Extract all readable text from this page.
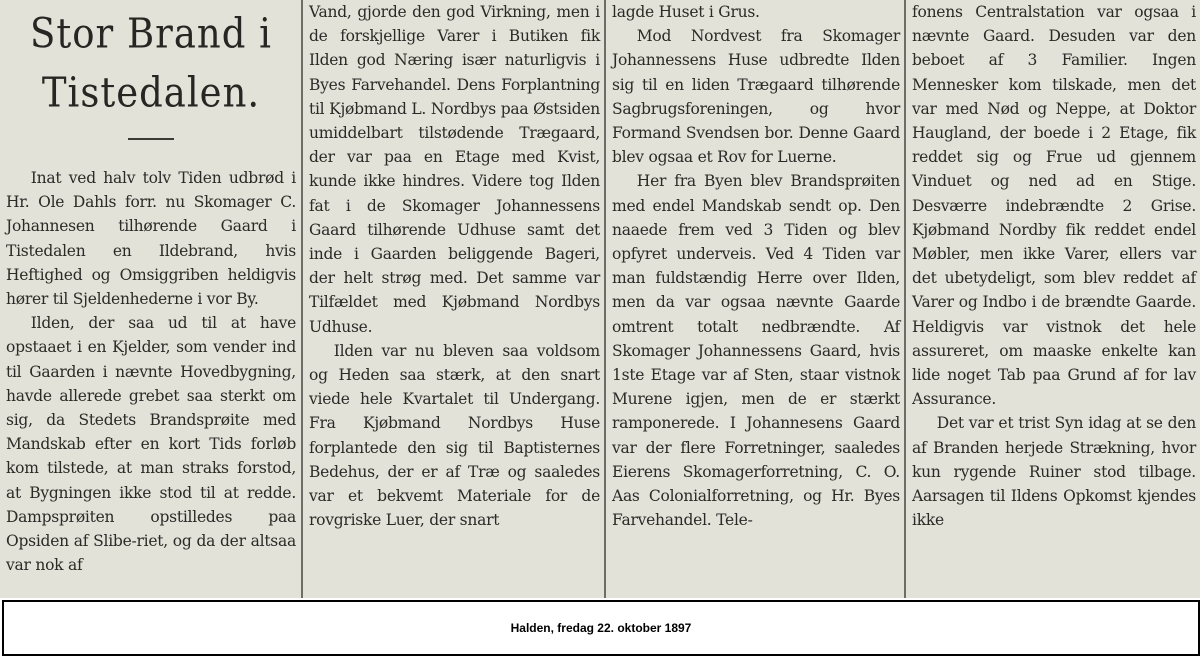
Stor Brand i
Tistedalen.

Inat ved halv tolv Tiden udbrød i Hr. Ole Dahls forr. nu Skomager C. Johannesen tilhørende Gaard i Tistedalen en Ildebrand, hvis Heftighed og Omsiggriben heldigvis hører til Sjeldenhederne i vor By.

Ilden, der saa ud til at have opstaaet i en Kjelder, som vender ind til Gaarden i nævnte Hovedbygning, havde allerede grebet saa sterkt om sig, da Stedets Brandsprøite med Mandskab efter en kort Tids forløb kom tilstede, at man straks forstod, at Bygningen ikke stod til at redde. Dampsprøiten opstilledes paa Opsiden af Slibe-riet, og da der altsaa var nok af

Vand, gjorde den god Virkning, men i de forskjellige Varer i Butiken fik Ilden god Næring især naturligvis i Byes Farvehandel. Dens Forplantning til Kjøbmand L. Nordbys paa Østsiden umiddelbart tilstødende Trægaard, der var paa en Etage med Kvist, kunde ikke hindres. Videre tog Ilden fat i de Skomager Johannessens Gaard tilhørende Udhuse samt det inde i Gaarden beliggende Bageri, der helt strøg med. Det samme var Tilfældet med Kjøbmand Nordbys Udhuse.

Ilden var nu bleven saa voldsom og Heden saa stærk, at den snart viede hele Kvartalet til Undergang. Fra Kjøbmand Nordbys Huse forplantede den sig til Baptisternes Bedehus, der er af Træ og saaledes var et bekvemt Materiale for de rovgriske Luer, der snart

lagde Huset i Grus.

Mod Nordvest fra Skomager Johannessens Huse udbredte Ilden sig til en liden Trægaard tilhørende Sagbrugsforeningen, og hvor Formand Svendsen bor. Denne Gaard blev ogsaa et Rov for Luerne.

Her fra Byen blev Brandsprøiten med endel Mandskab sendt op. Den naaede frem ved 3 Tiden og blev opfyret underveis. Ved 4 Tiden var man fuldstændig Herre over Ilden, men da var ogsaa nævnte Gaarde omtrent totalt nedbrændte. Af Skomager Johannessens Gaard, hvis 1ste Etage var af Sten, staar vistnok Murene igjen, men de er stærkt ramponerede. I Johannesens Gaard var der flere Forretninger, saaledes Eierens Skomagerforretning, C. O. Aas Colonialforretning, og Hr. Byes Farvehandel. Tele-

fonens Centralstation var ogsaa i nævnte Gaard. Desuden var den beboet af 3 Familier. Ingen Mennesker kom tilskade, men det var med Nød og Neppe, at Doktor Haugland, der boede i 2 Etage, fik reddet sig og Frue ud gjennem Vinduet og ned ad en Stige. Desværre indebrændte 2 Grise. Kjøbmand Nordby fik reddet endel Møbler, men ikke Varer, ellers var det ubetydeligt, som blev reddet af Varer og Indbo i de brændte Gaarde. Heldigvis var vistnok det hele assureret, om maaske enkelte kan lide noget Tab paa Grund af for lav Assurance.

Det var et trist Syn idag at se den af Branden herjede Strækning, hvor kun rygende Ruiner stod tilbage. Aarsagen til Ildens Opkomst kjendes ikke

Halden, fredag 22. oktober 1897
